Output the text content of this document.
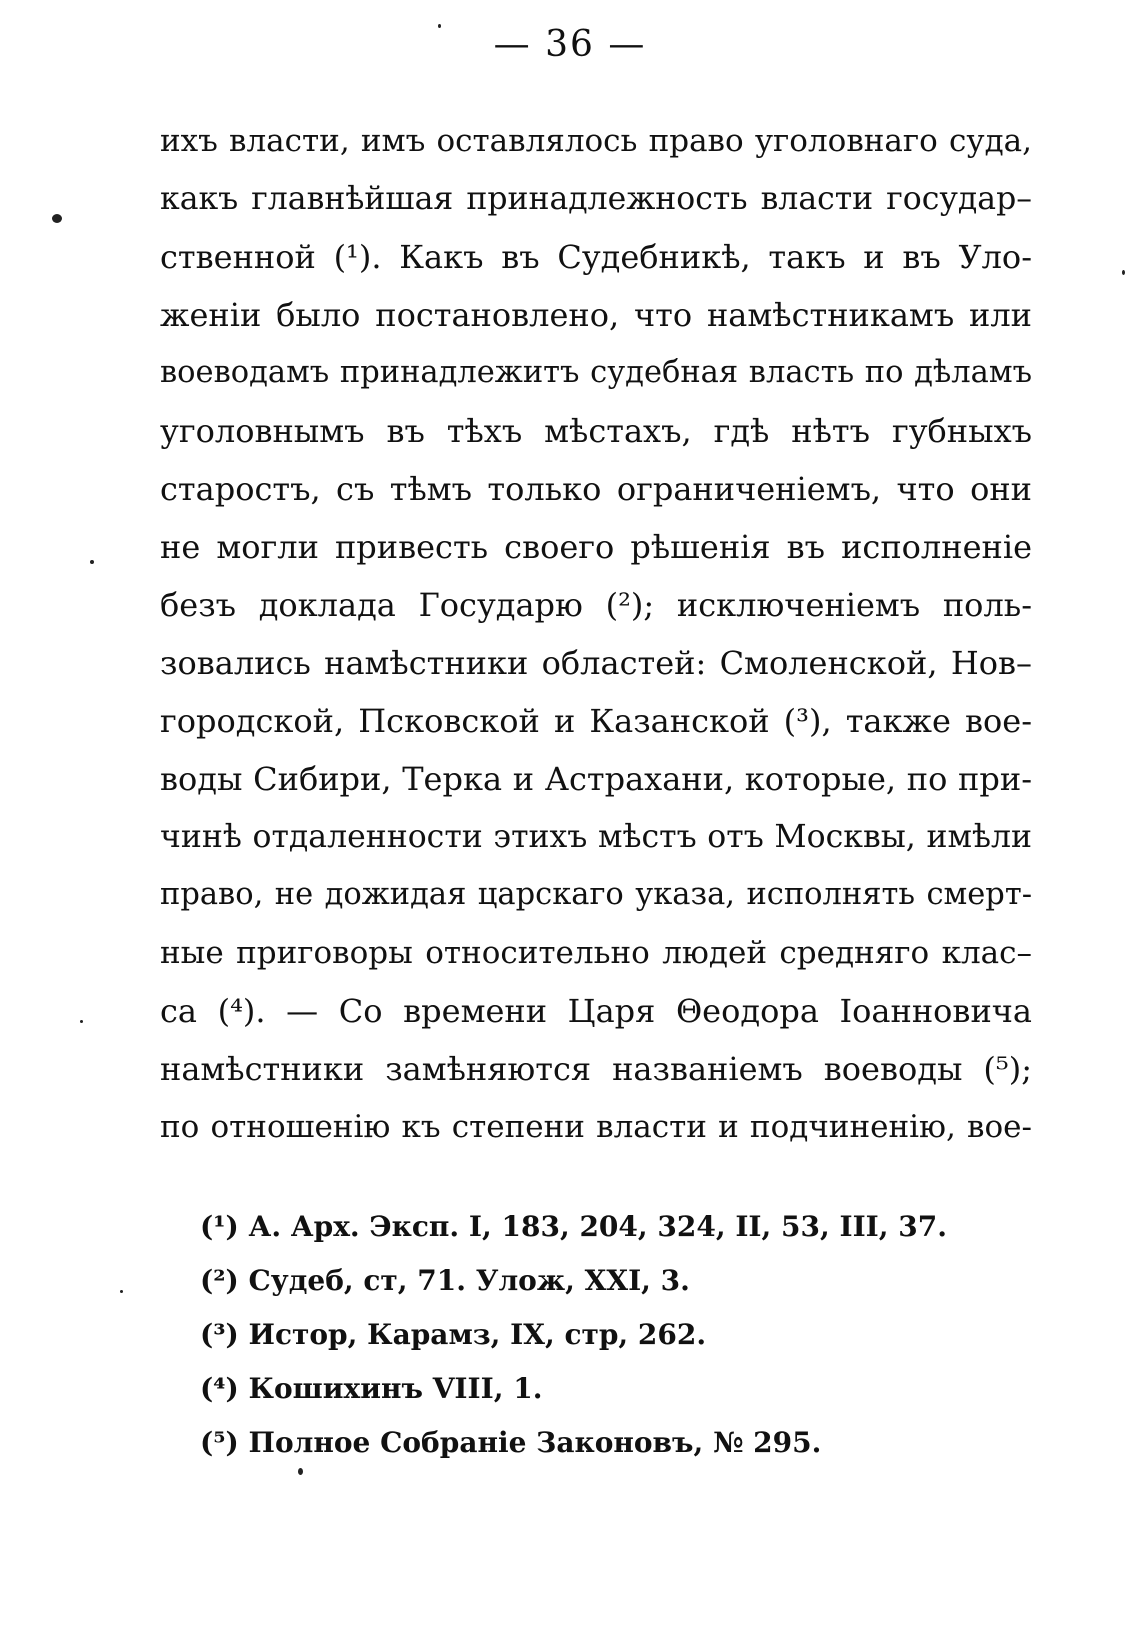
— 36 —
ихъ власти, имъ оставлялось право уголовнаго суда,
какъ главнѣйшая принадлежность власти государ–
ственной (¹). Какъ въ Судебникѣ, такъ и въ Уло-
женіи было постановлено, что намѣстникамъ или
воеводамъ принадлежитъ судебная власть по дѣламъ
уголовнымъ въ тѣхъ мѣстахъ, гдѣ нѣтъ губныхъ
старостъ, съ тѣмъ только ограниченіемъ, что они
не могли привесть своего рѣшенія въ исполненіе
безъ доклада Государю (²); исключеніемъ поль-
зовались намѣстники областей: Смоленской, Нов–
городской, Псковской и Казанской (³), также вое-
воды Сибири, Терка и Астрахани, которые, по при-
чинѣ отдаленности этихъ мѣстъ отъ Москвы, имѣли
право, не дожидая царскаго указа, исполнять смерт-
ные приговоры относительно людей средняго клас–
са (⁴). — Со времени Царя Θеодора Іоанновича
намѣстники замѣняются названіемъ воеводы (⁵);
по отношенію къ степени власти и подчиненію, вое-
(¹) А. Арх. Эксп. I, 183, 204, 324, II, 53, III, 37.
(²) Судеб, ст, 71. Улож, XXI, 3.
(³) Истор, Карамз, IX, стр, 262.
(⁴) Кошихинъ VIII, 1.
(⁵) Полное Собраніе Законовъ, № 295.
